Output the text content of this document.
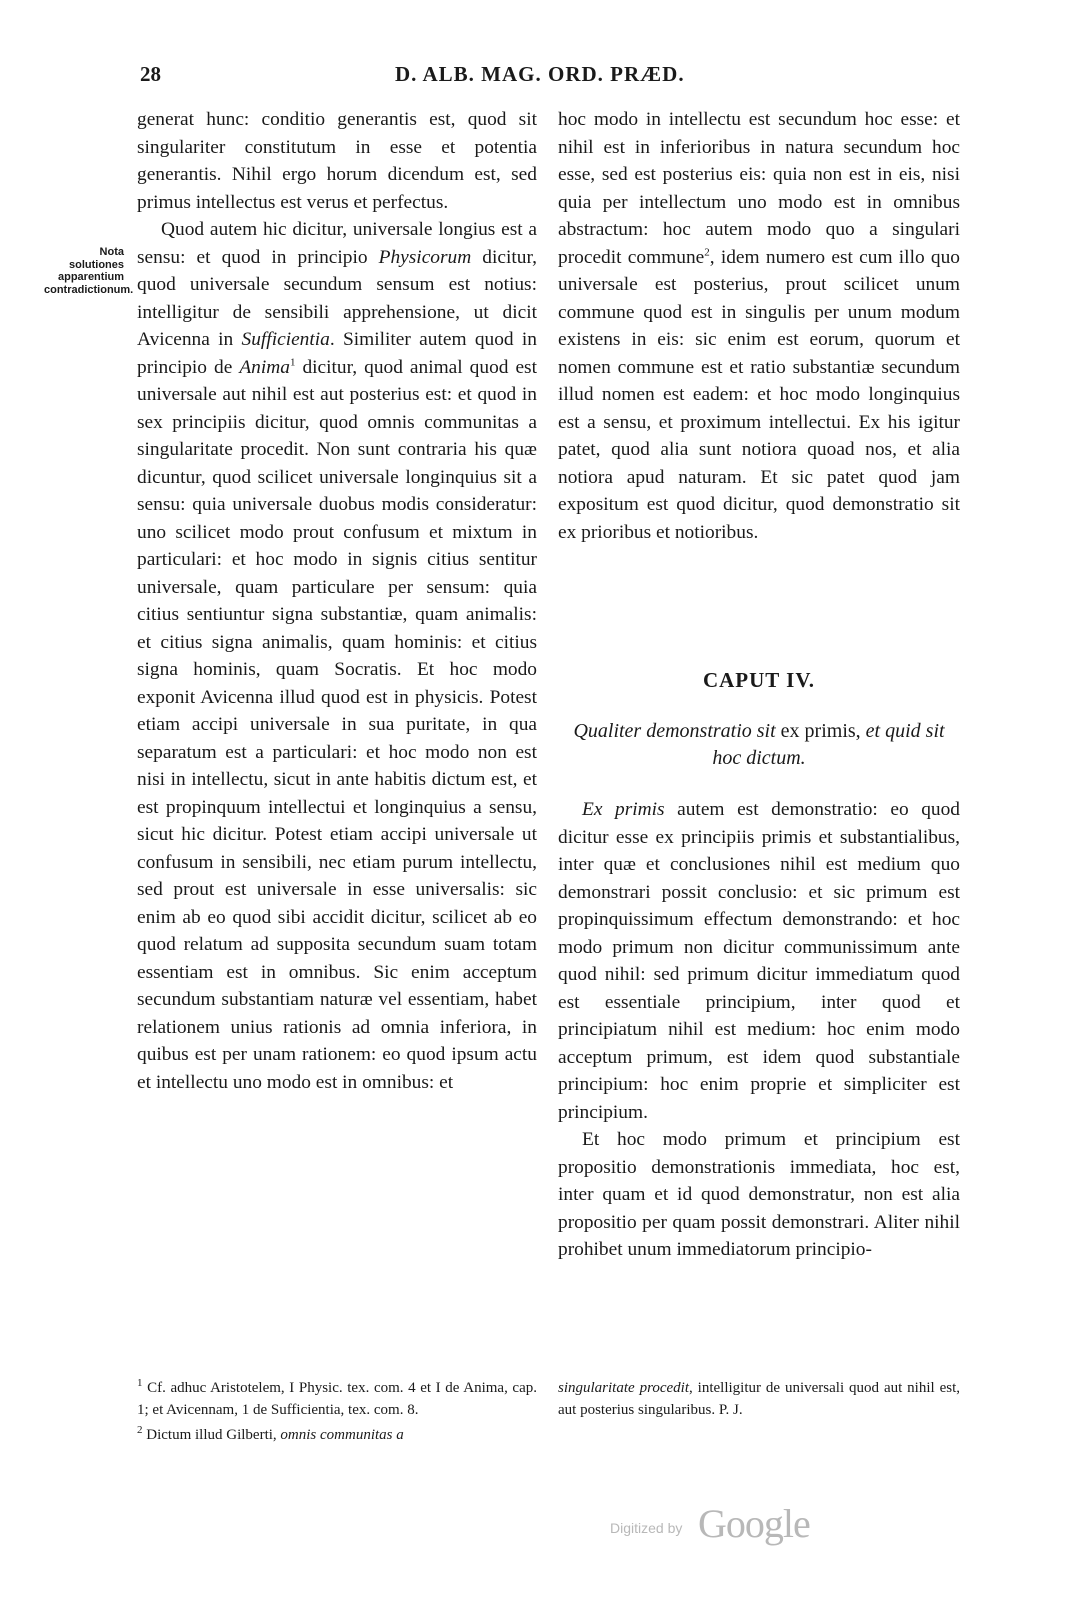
28	D. ALB. MAG. ORD. PRÆD.
Nota solutiones apparentium contradictionum.

generat hunc: conditio generantis est, quod sit singulariter constitutum in esse et potentia generantis. Nihil ergo horum dicendum est, sed primus intellectus est verus et perfectus.

Quod autem hic dicitur, universale longius est a sensu: et quod in principio Physicorum dicitur, quod universale secundum sensum est notius: intelligitur de sensibili apprehensione, ut dicit Avicenna in Sufficientia. Similiter autem quod in principio de Anima$^1$ dicitur, quod animal quod est universale aut nihil est aut posterius est: et quod in sex principiis dicitur, quod omnis communitas a singularitate procedit. Non sunt contraria his quæ dicuntur, quod scilicet universale longinquius sit a sensu: quia universale duobus modis consideratur: uno scilicet modo prout confusum et mixtum in particulari: et hoc modo in signis citius sentitur universale, quam particulare per sensum: quia citius sentiuntur signa substantiæ, quam animalis: et citius signa animalis, quam hominis: et citius signa hominis, quam Socratis. Et hoc modo exponit Avicenna illud quod est in physicis. Potest etiam accipi universale in sua puritate, in qua separatum est a particulari: et hoc modo non est nisi in intellectu, sicut in ante habitis dictum est, et est propinquum intellectui et longinquius a sensu, sicut hic dicitur. Potest etiam accipi universale ut confusum in sensibili, nec etiam purum intellectu, sed prout est universale in esse universalis: sic enim ab eo quod sibi accidit dicitur, scilicet ab eo quod relatum ad supposita secundum suam totam essentiam est in omnibus. Sic enim acceptum secundum substantiam naturæ vel essentiam, habet relationem unius rationis ad omnia inferiora, in quibus est per unam rationem: eo quod ipsum actu et intellectu uno modo est in omnibus: et

hoc modo in intellectu est secundum hoc esse: et nihil est in inferioribus in natura secundum hoc esse, sed est posterius eis: quia non est in eis, nisi quia per intellectum uno modo est in omnibus abstractum: hoc autem modo quo a singulari procedit commune$^2$, idem numero est cum illo quo universale est posterius, prout scilicet unum commune quod est in singulis per unum modum existens in eis: sic enim est eorum, quorum et nomen commune est et ratio substantiæ secundum illud nomen est eadem: et hoc modo longinquius est a sensu, et proximum intellectui. Ex his igitur patet, quod alia sunt notiora quoad nos, et alia notiora apud naturam. Et sic patet quod jam expositum est quod dicitur, quod demonstratio sit ex prioribus et notioribus.

CAPUT IV.
Qualiter demonstratio sit ex primis, et quid sit hoc dictum.

Ex primis autem est demonstratio: eo quod dicitur esse ex principiis primis et substantialibus, inter quæ et conclusiones nihil est medium quo demonstrari possit conclusio: et sic primum est propinquissimum effectum demonstrando: et hoc modo primum non dicitur communissimum ante quod nihil: sed primum dicitur immediatum quod est essentiale principium, inter quod et principiatum nihil est medium: hoc enim modo acceptum primum, est idem quod substantiale principium: hoc enim proprie et simpliciter est principium.

Et hoc modo primum et principium est propositio demonstrationis immediata, hoc est, inter quam et id quod demonstratur, non est alia propositio per quam possit demonstrari. Aliter nihil prohibet unum immediatorum principio-

$^1$ Cf. adhuc Aristotelem, I Physic. tex. com. 4 et I de Anima, cap. 1; et Avicennam, 1 de Sufficientia, tex. com. 8.

$^2$ Dictum illud Gilberti, omnis communitas a

singularitate procedit, intelligitur de universali quod aut nihil est, aut posterius singularibus. P. J.

Digitized by Google
